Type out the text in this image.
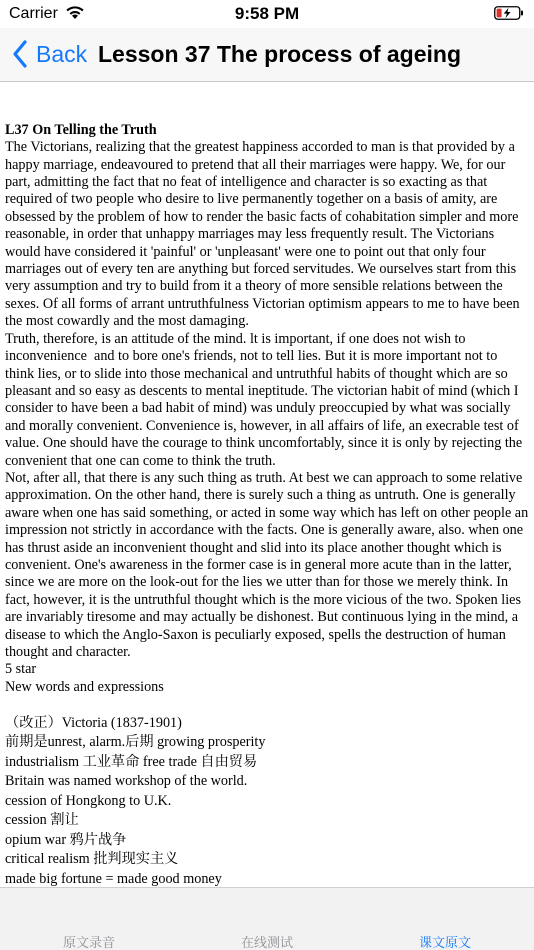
Carrier	9:58 PM
Back Lesson 37 The process of ageing

L37 On Telling the Truth
The Victorians, realizing that the greatest happiness accorded to man is that provided by a happy marriage, endeavoured to pretend that all their marriages were happy. We, for our part, admitting the fact that no feat of intelligence and character is so exacting as that required of two people who desire to live permanently together on a basis of amity, are obsessed by the problem of how to render the basic facts of cohabitation simpler and more reasonable, in order that unhappy marriages may less frequently result. The Victorians would have considered it 'painful' or 'unpleasant' were one to point out that only four marriages out of every ten are anything but forced servitudes. We ourselves start from this very assumption and try to build from it a theory of more sensible relations between the sexes. Of all forms of arrant untruthfulness Victorian optimism appears to me to have been the most cowardly and the most damaging.
Truth, therefore, is an attitude of the mind. lt is important, if one does not wish to inconvenience  and to bore one's friends, not to tell lies. But it is more important not to think lies, or to slide into those mechanical and untruthful habits of thought which are so pleasant and so easy as descents to mental ineptitude. The victorian habit of mind (which I consider to have been a bad habit of mind) was unduly preoccupied by what was socially and morally convenient. Convenience is, however, in all affairs of life, an execrable test of value. One should have the courage to think uncomfortably, since it is only by rejecting the convenient that one can come to think the truth.
Not, after all, that there is any such thing as truth. At best we can approach to some relative approximation. On the other hand, there is surely such a thing as untruth. One is generally aware when one has said something, or acted in some way which has left on other people an impression not strictly in accordance with the facts. One is generally aware, also. when one has thrust aside an inconvenient thought and slid into its place another thought which is convenient. One's awareness in the former case is in general more acute than in the latter, since we are more on the look-out for the lies we utter than for those we merely think. In fact, however, it is the untruthful thought which is the more vicious of the two. Spoken lies are invariably tiresome and may actually be dishonest. But continuous lying in the mind, a disease to which the Anglo-Saxon is peculiarly exposed, spells the destruction of human thought and character.
5 star
New words and expressions

（改正）Victoria (1837-1901)
前期是unrest, alarm.后期 growing prosperity
industrialism 工业革命 free trade 自由贸易
Britain was named workshop of the world.
cession of Hongkong to U.K.
cession 割让
opium war 鸦片战争
critical realism 批判现实主义
made big fortune = made good money
原文录音	在线测试	课文原文
